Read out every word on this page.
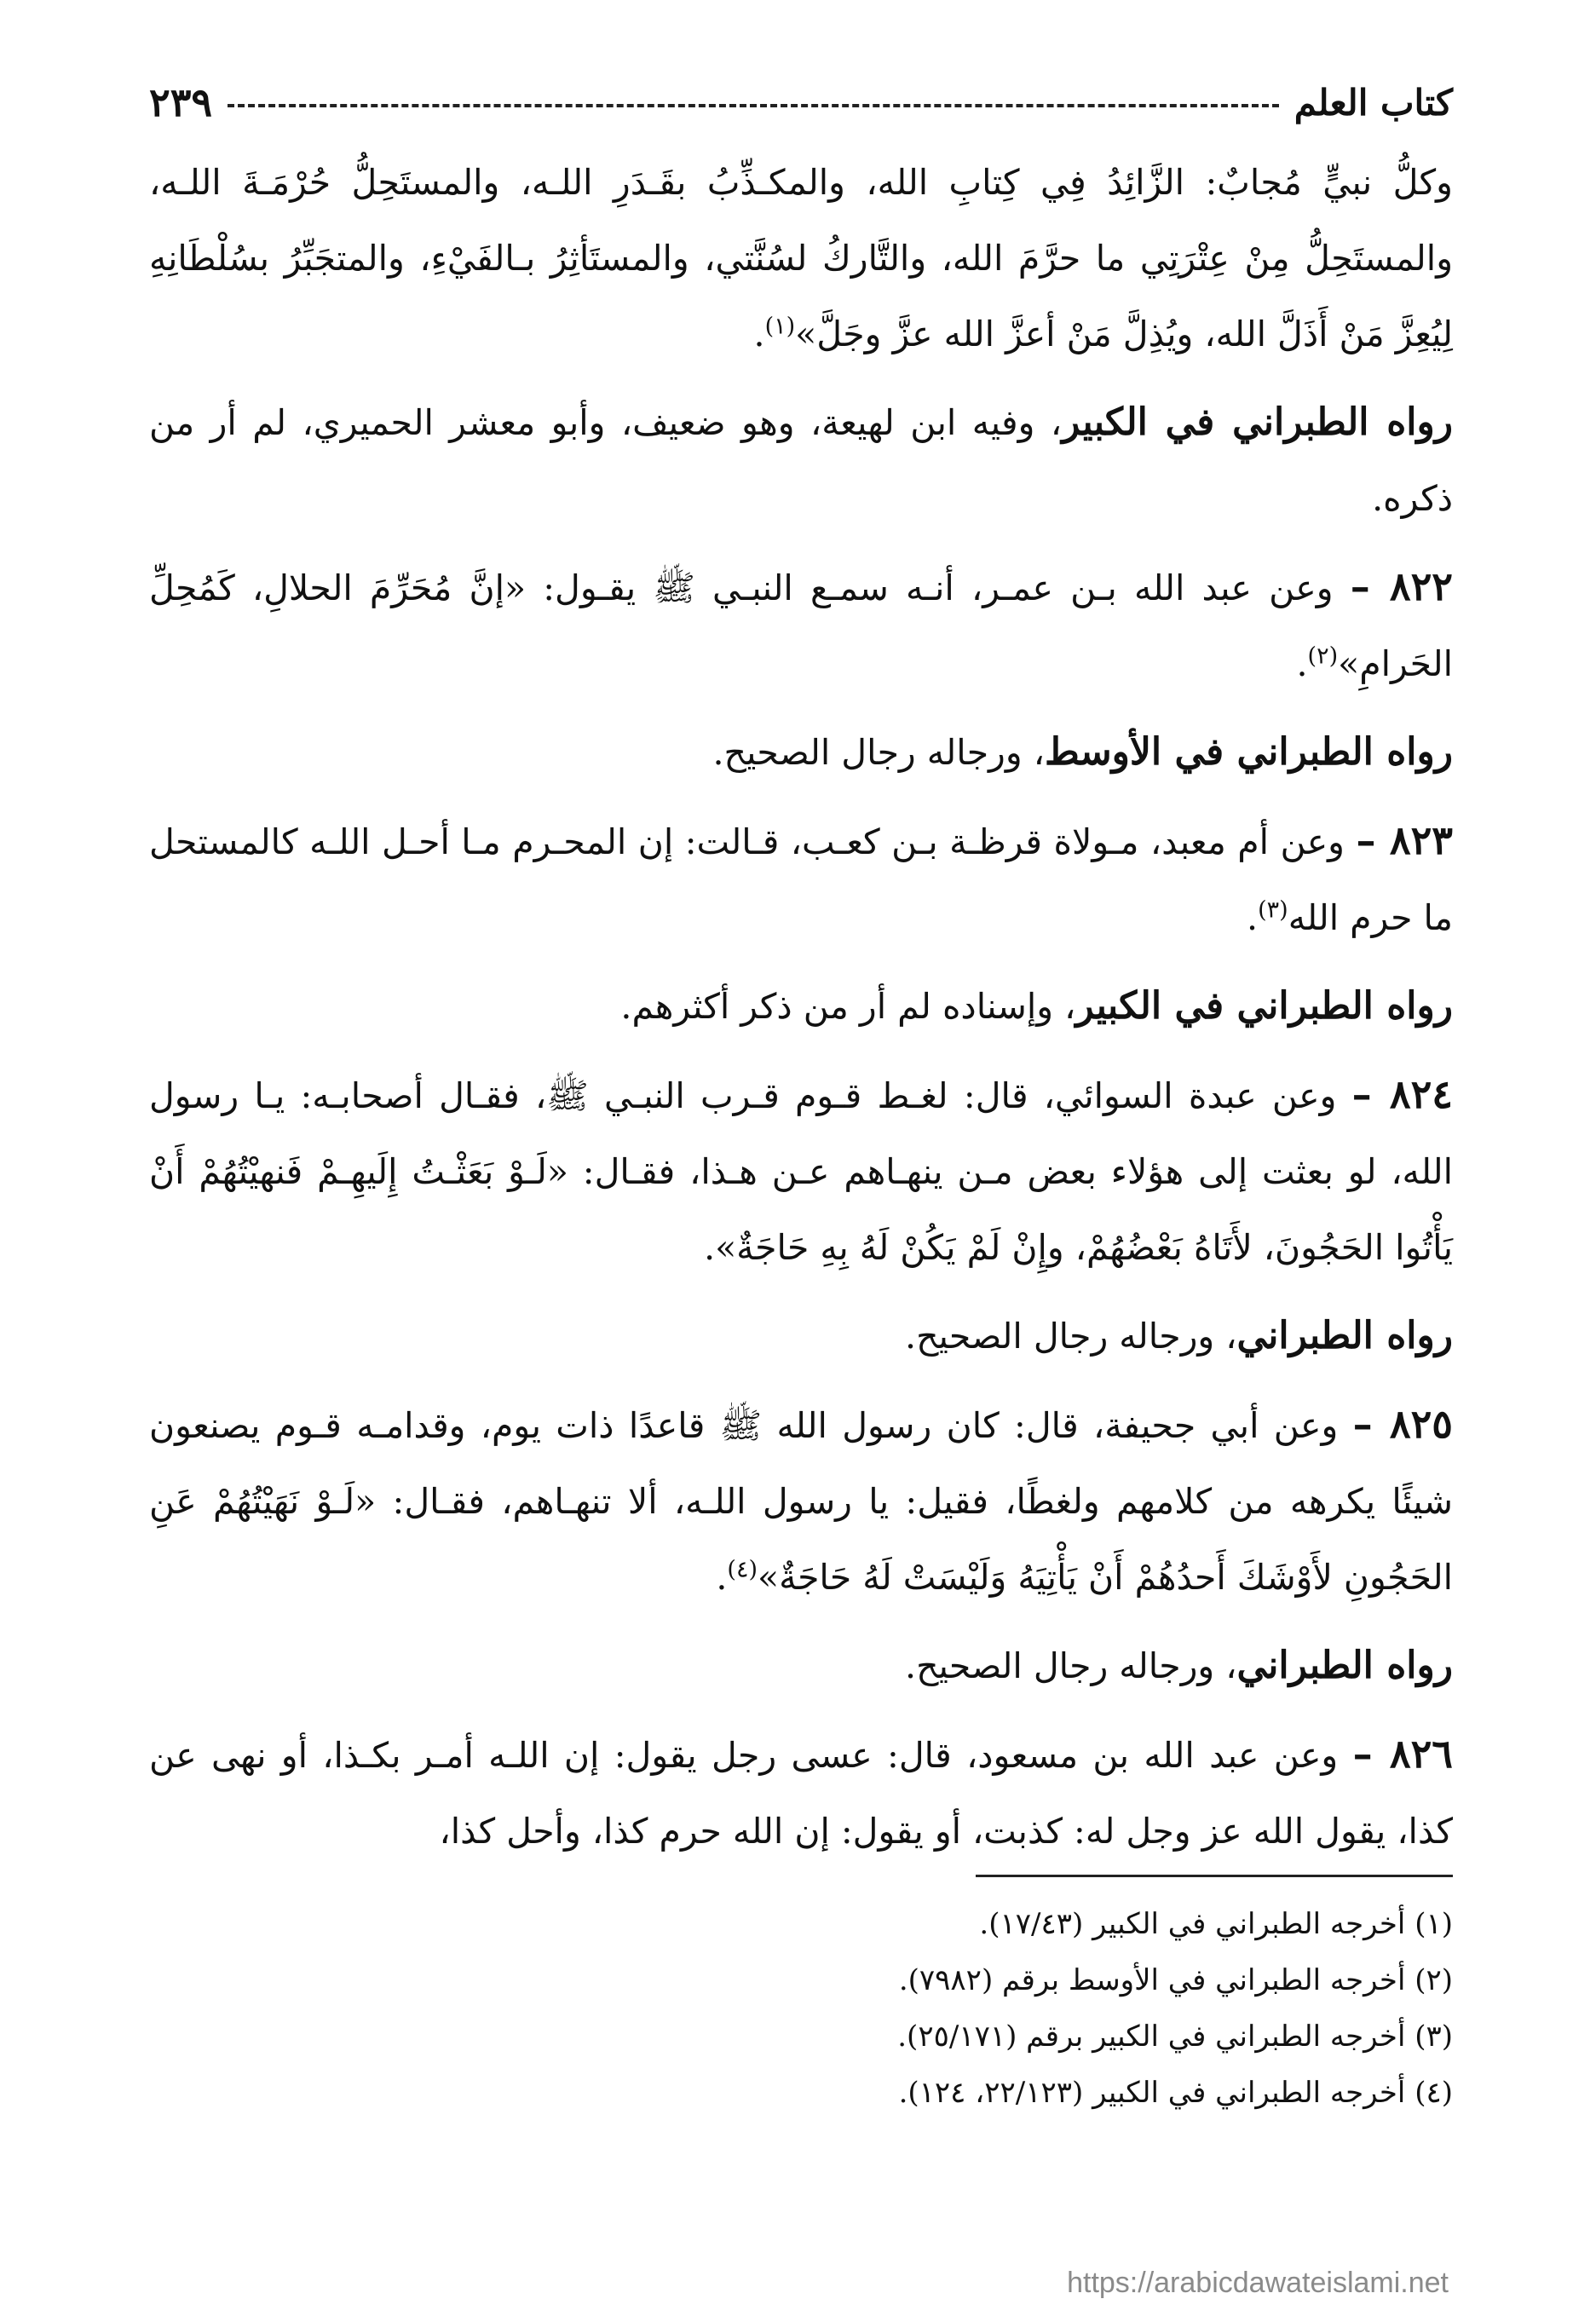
كتاب العلم
٢٣٩

وكلُّ نبيٍّ مُجابٌ: الزَّائِدُ فِي كِتابِ الله، والمكـذِّبُ بقَـدَرِ اللـه، والمستَحِلُّ حُرْمَـةَ اللـه، والمستَحِلُّ مِنْ عِتْرَتِي ما حرَّمَ الله، والتَّاركُ لسُنَّتي، والمستَأثِرُ بـالفَيْءِ، والمتجَبِّرُ بسُلْطَانِهِ لِيُعِزَّ مَنْ أَذَلَّ الله، ويُذِلَّ مَنْ أعزَّ الله عزَّ وجَلَّ»$^{(١)}$.

رواه الطبراني في الكبير، وفيه ابن لهيعة، وهو ضعيف، وأبو معشر الحميري، لم أر من ذكره.

٨٢٢ – وعن عبد الله بـن عمـر، أنـه سمـع النبـي ﷺ يقـول: «إنَّ مُحَرِّمَ الحلالِ، كَمُحِلِّ الحَرامِ»$^{(٢)}$.

رواه الطبراني في الأوسط، ورجاله رجال الصحيح.

٨٢٣ – وعن أم معبد، مـولاة قرظـة بـن كعـب، قـالت: إن المحـرم مـا أحـل اللـه كالمستحل ما حرم الله$^{(٣)}$.

رواه الطبراني في الكبير، وإسناده لم أر من ذكر أكثرهم.

٨٢٤ – وعن عبدة السوائي، قال: لغـط قـوم قـرب النبـي ﷺ، فقـال أصحابـه: يـا رسول الله، لو بعثت إلى هؤلاء بعض مـن ينهـاهم عـن هـذا، فقـال: «لَـوْ بَعَثْـتُ إِلَيهِـمْ فَنهيْتُهُمْ أَنْ يَأْتُوا الحَجُونَ، لأَتَاهُ بَعْضُهُمْ، وإِنْ لَمْ يَكُنْ لَهُ بِهِ حَاجَةٌ».

رواه الطبراني، ورجاله رجال الصحيح.

٨٢٥ – وعن أبي جحيفة، قال: كان رسول الله ﷺ قاعدًا ذات يوم، وقدامـه قـوم يصنعون شيئًا يكرهه من كلامهم ولغطًا، فقيل: يا رسول اللـه، ألا تنهـاهم، فقـال: «لَـوْ نَهَيْتُهُمْ عَنِ الحَجُونِ لأَوْشَكَ أَحدُهُمْ أَنْ يَأْتِيَهُ وَلَيْسَتْ لَهُ حَاجَةٌ»$^{(٤)}$.

رواه الطبراني، ورجاله رجال الصحيح.

٨٢٦ – وعن عبد الله بن مسعود، قال: عسى رجل يقول: إن اللـه أمـر بكـذا، أو نهى عن كذا، يقول الله عز وجل له: كذبت، أو يقول: إن الله حرم كذا، وأحل كذا،

(١) أخرجه الطبراني في الكبير (١٧/٤٣).

(٢) أخرجه الطبراني في الأوسط برقم (٧٩٨٢).

(٣) أخرجه الطبراني في الكبير برقم (٢٥/١٧١).

(٤) أخرجه الطبراني في الكبير (٢٢/١٢٣، ١٢٤).

https://arabicdawateislami.net
